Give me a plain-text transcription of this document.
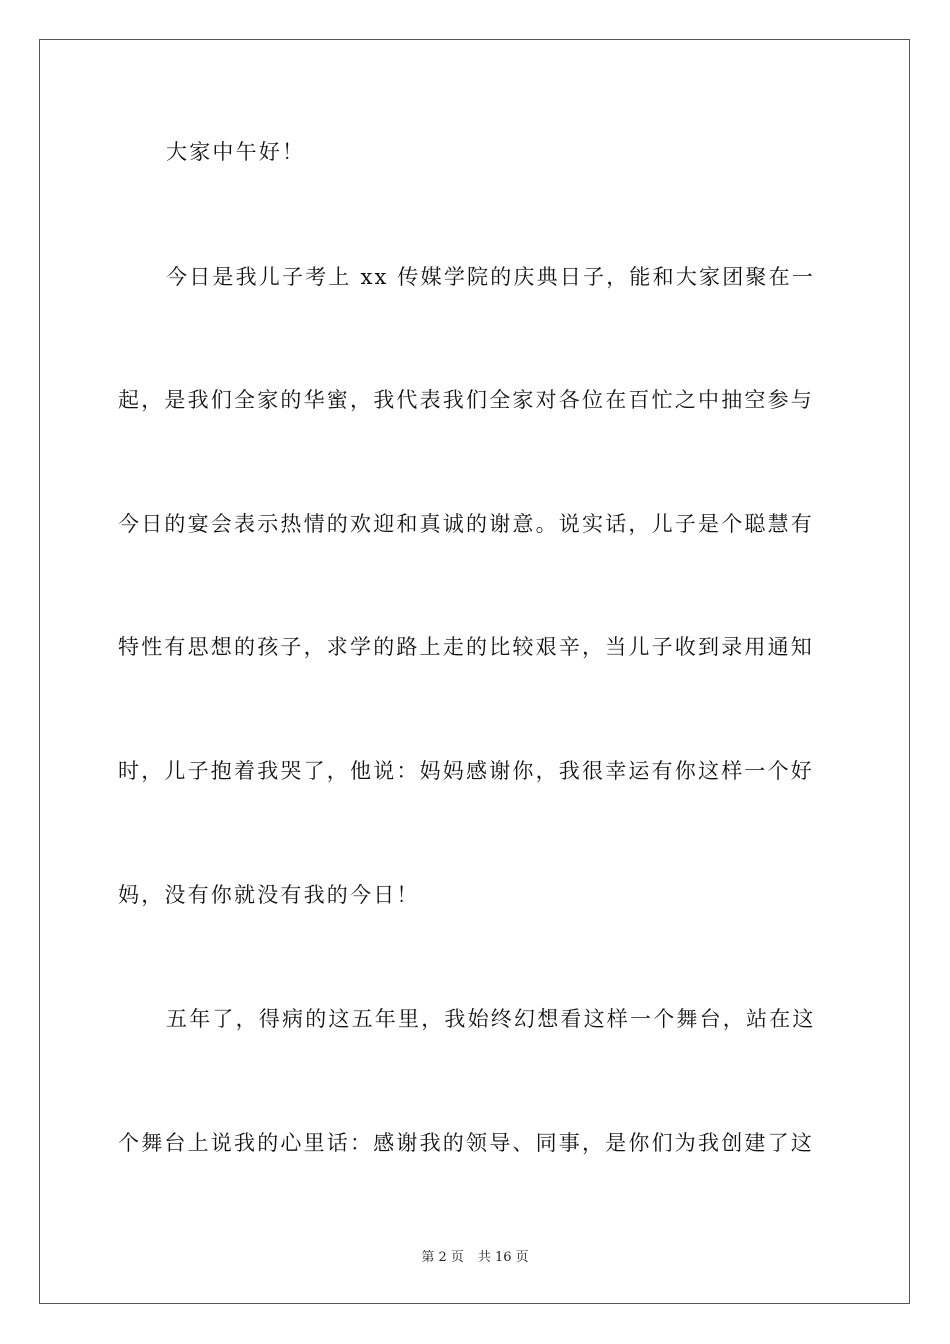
大家中午好！

今日是我儿子考上 xx 传媒学院的庆典日子，能和大家团聚在一

起，是我们全家的华蜜，我代表我们全家对各位在百忙之中抽空参与

今日的宴会表示热情的欢迎和真诚的谢意。说实话，儿子是个聪慧有

特性有思想的孩子，求学的路上走的比较艰辛，当儿子收到录用通知

时，儿子抱着我哭了，他说：妈妈感谢你，我很幸运有你这样一个好

妈，没有你就没有我的今日！

五年了，得病的这五年里，我始终幻想看这样一个舞台，站在这

个舞台上说我的心里话：感谢我的领导、同事，是你们为我创建了这

第 2 页 共 16 页
